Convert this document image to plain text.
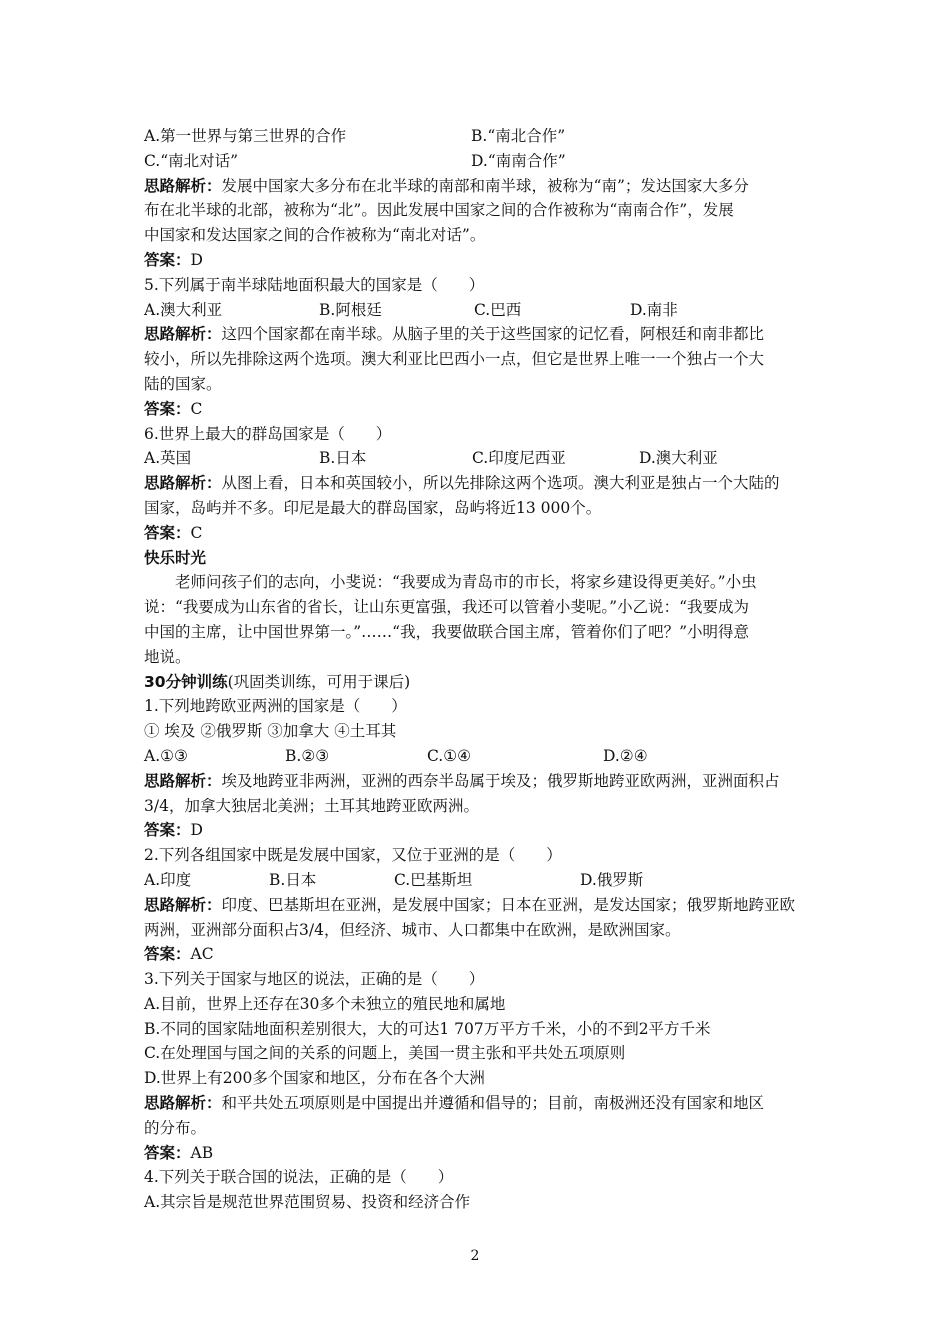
A.第一世界与第三世界的合作	B.“南北合作”
C.“南北对话”	D.“南南合作”
思路解析：发展中国家大多分布在北半球的南部和南半球，被称为“南”；发达国家大多分
布在北半球的北部，被称为“北”。因此发展中国家之间的合作被称为“南南合作”，发展
中国家和发达国家之间的合作被称为“南北对话”。
答案：D
5.下列属于南半球陆地面积最大的国家是（　　）
A.澳大利亚	B.阿根廷	C.巴西	D.南非
思路解析：这四个国家都在南半球。从脑子里的关于这些国家的记忆看，阿根廷和南非都比
较小，所以先排除这两个选项。澳大利亚比巴西小一点，但它是世界上唯一一个独占一个大
陆的国家。
答案：C
6.世界上最大的群岛国家是（　　）
A.英国	B.日本	C.印度尼西亚	D.澳大利亚
思路解析：从图上看，日本和英国较小，所以先排除这两个选项。澳大利亚是独占一个大陆的
国家，岛屿并不多。印尼是最大的群岛国家，岛屿将近13 000个。
答案：C
快乐时光
老师问孩子们的志向，小斐说：“我要成为青岛市的市长，将家乡建设得更美好。”小虫
说：“我要成为山东省的省长，让山东更富强，我还可以管着小斐呢。”小乙说：“我要成为
中国的主席，让中国世界第一。”……“我，我要做联合国主席，管着你们了吧？”小明得意
地说。
30分钟训练(巩固类训练，可用于课后)
1.下列地跨欧亚两洲的国家是（　　）
① 埃及 ②俄罗斯 ③加拿大 ④土耳其
A.①③	B.②③	C.①④	D.②④
思路解析：埃及地跨亚非两洲，亚洲的西奈半岛属于埃及；俄罗斯地跨亚欧两洲，亚洲面积占
3/4，加拿大独居北美洲；土耳其地跨亚欧两洲。
答案：D
2.下列各组国家中既是发展中国家，又位于亚洲的是（　　）
A.印度	B.日本	C.巴基斯坦	D.俄罗斯
思路解析：印度、巴基斯坦在亚洲，是发展中国家；日本在亚洲，是发达国家；俄罗斯地跨亚欧
两洲，亚洲部分面积占3/4，但经济、城市、人口都集中在欧洲，是欧洲国家。
答案：AC
3.下列关于国家与地区的说法，正确的是（　　）
A.目前，世界上还存在30多个未独立的殖民地和属地
B.不同的国家陆地面积差别很大，大的可达1 707万平方千米，小的不到2平方千米
C.在处理国与国之间的关系的问题上，美国一贯主张和平共处五项原则
D.世界上有200多个国家和地区，分布在各个大洲
思路解析：和平共处五项原则是中国提出并遵循和倡导的；目前，南极洲还没有国家和地区
的分布。
答案：AB
4.下列关于联合国的说法，正确的是（　　）
A.其宗旨是规范世界范围贸易、投资和经济合作
2
